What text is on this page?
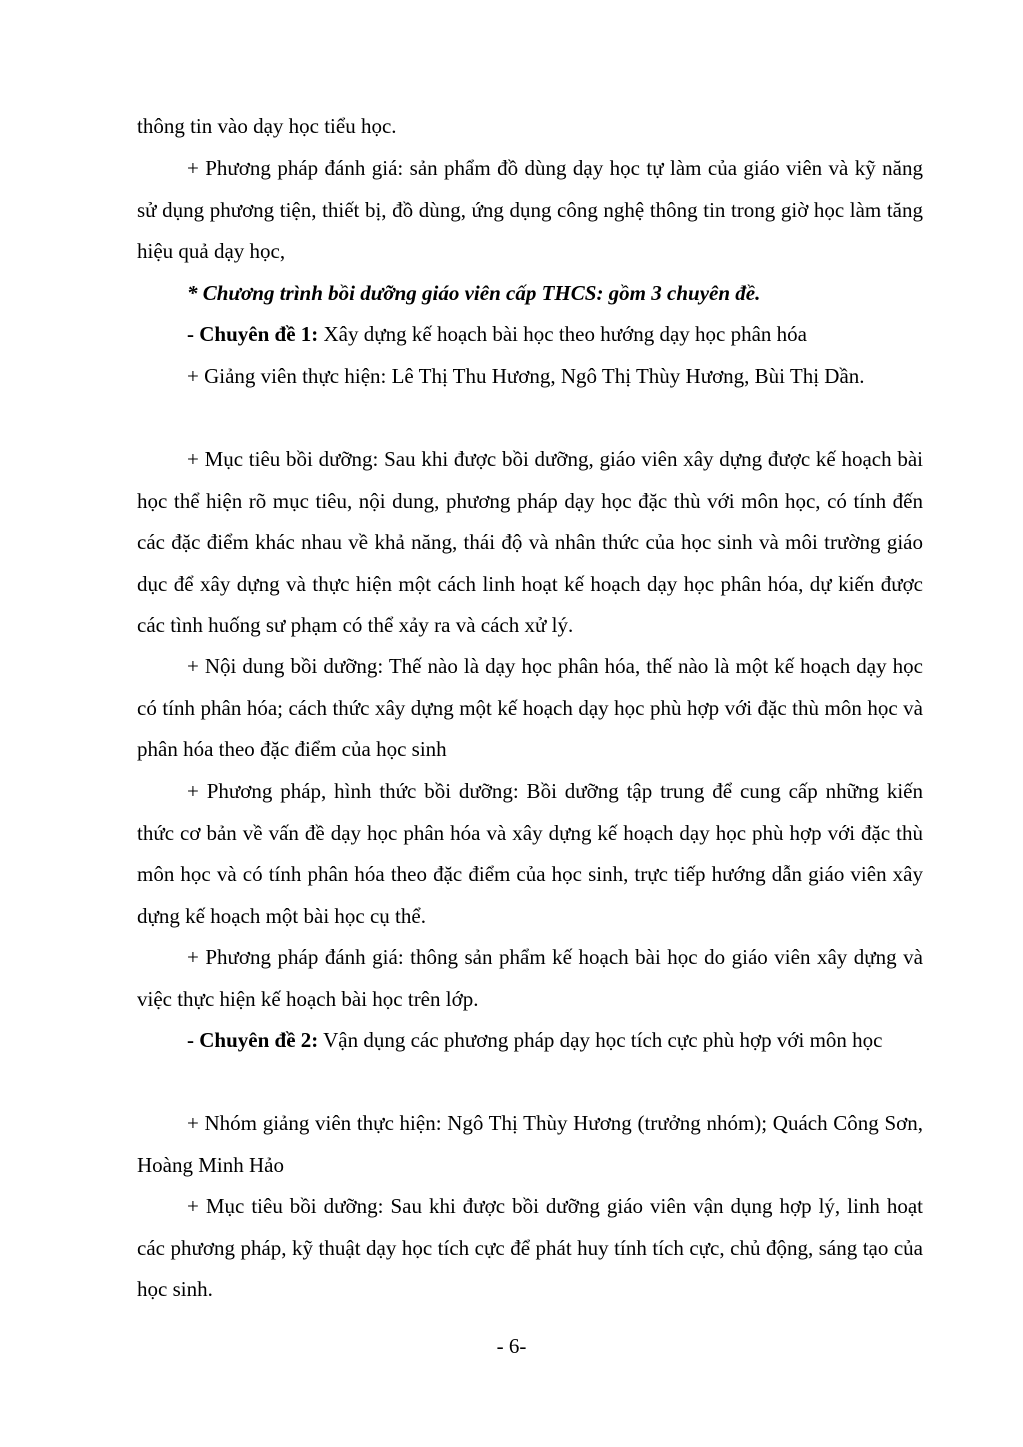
thông tin vào dạy học tiểu học.

+ Phương pháp đánh giá: sản phẩm đồ dùng dạy học tự làm của giáo viên và kỹ năng sử dụng phương tiện, thiết bị, đồ dùng, ứng dụng công nghệ thông tin trong giờ học làm tăng hiệu quả dạy học,

* Chương trình bồi dưỡng giáo viên cấp THCS: gồm 3 chuyên đề.

- Chuyên đề 1: Xây dựng kế hoạch bài học theo hướng dạy học phân hóa

+ Giảng viên thực hiện: Lê Thị Thu Hương, Ngô Thị Thùy Hương, Bùi Thị Dần.

+ Mục tiêu bồi dưỡng: Sau khi được bồi dưỡng, giáo viên xây dựng được kế hoạch bài học thể hiện rõ mục tiêu, nội dung, phương pháp dạy học đặc thù với môn học, có tính đến các đặc điểm khác nhau về khả năng, thái độ và nhân thức của học sinh và môi trường giáo dục để xây dựng và thực hiện một cách linh hoạt kế hoạch dạy học phân hóa, dự kiến được các tình huống sư phạm có thể xảy ra và cách xử lý.

+ Nội dung bồi dưỡng: Thế nào là dạy học phân hóa, thế nào là một kế hoạch dạy học có tính phân hóa; cách thức xây dựng một kế hoạch dạy học phù hợp với đặc thù môn học và phân hóa theo đặc điểm của học sinh

+ Phương pháp, hình thức bồi dưỡng: Bồi dưỡng tập trung để cung cấp những kiến thức cơ bản về vấn đề dạy học phân hóa và xây dựng kế hoạch dạy học phù hợp với đặc thù môn học và có tính phân hóa theo đặc điểm của học sinh, trực tiếp hướng dẫn giáo viên xây dựng kế hoạch một bài học cụ thể.

+ Phương pháp đánh giá: thông sản phẩm kế hoạch bài học do giáo viên xây dựng và việc thực hiện kế hoạch bài học trên lớp.

- Chuyên đề 2: Vận dụng các phương pháp dạy học tích cực phù hợp với môn học

+ Nhóm giảng viên thực hiện: Ngô Thị Thùy Hương (trưởng nhóm); Quách Công Sơn, Hoàng Minh Hảo

+ Mục tiêu bồi dưỡng: Sau khi được bồi dưỡng giáo viên vận dụng hợp lý, linh hoạt các phương pháp, kỹ thuật dạy học tích cực để phát huy tính tích cực, chủ động, sáng tạo của học sinh.

- 6-
